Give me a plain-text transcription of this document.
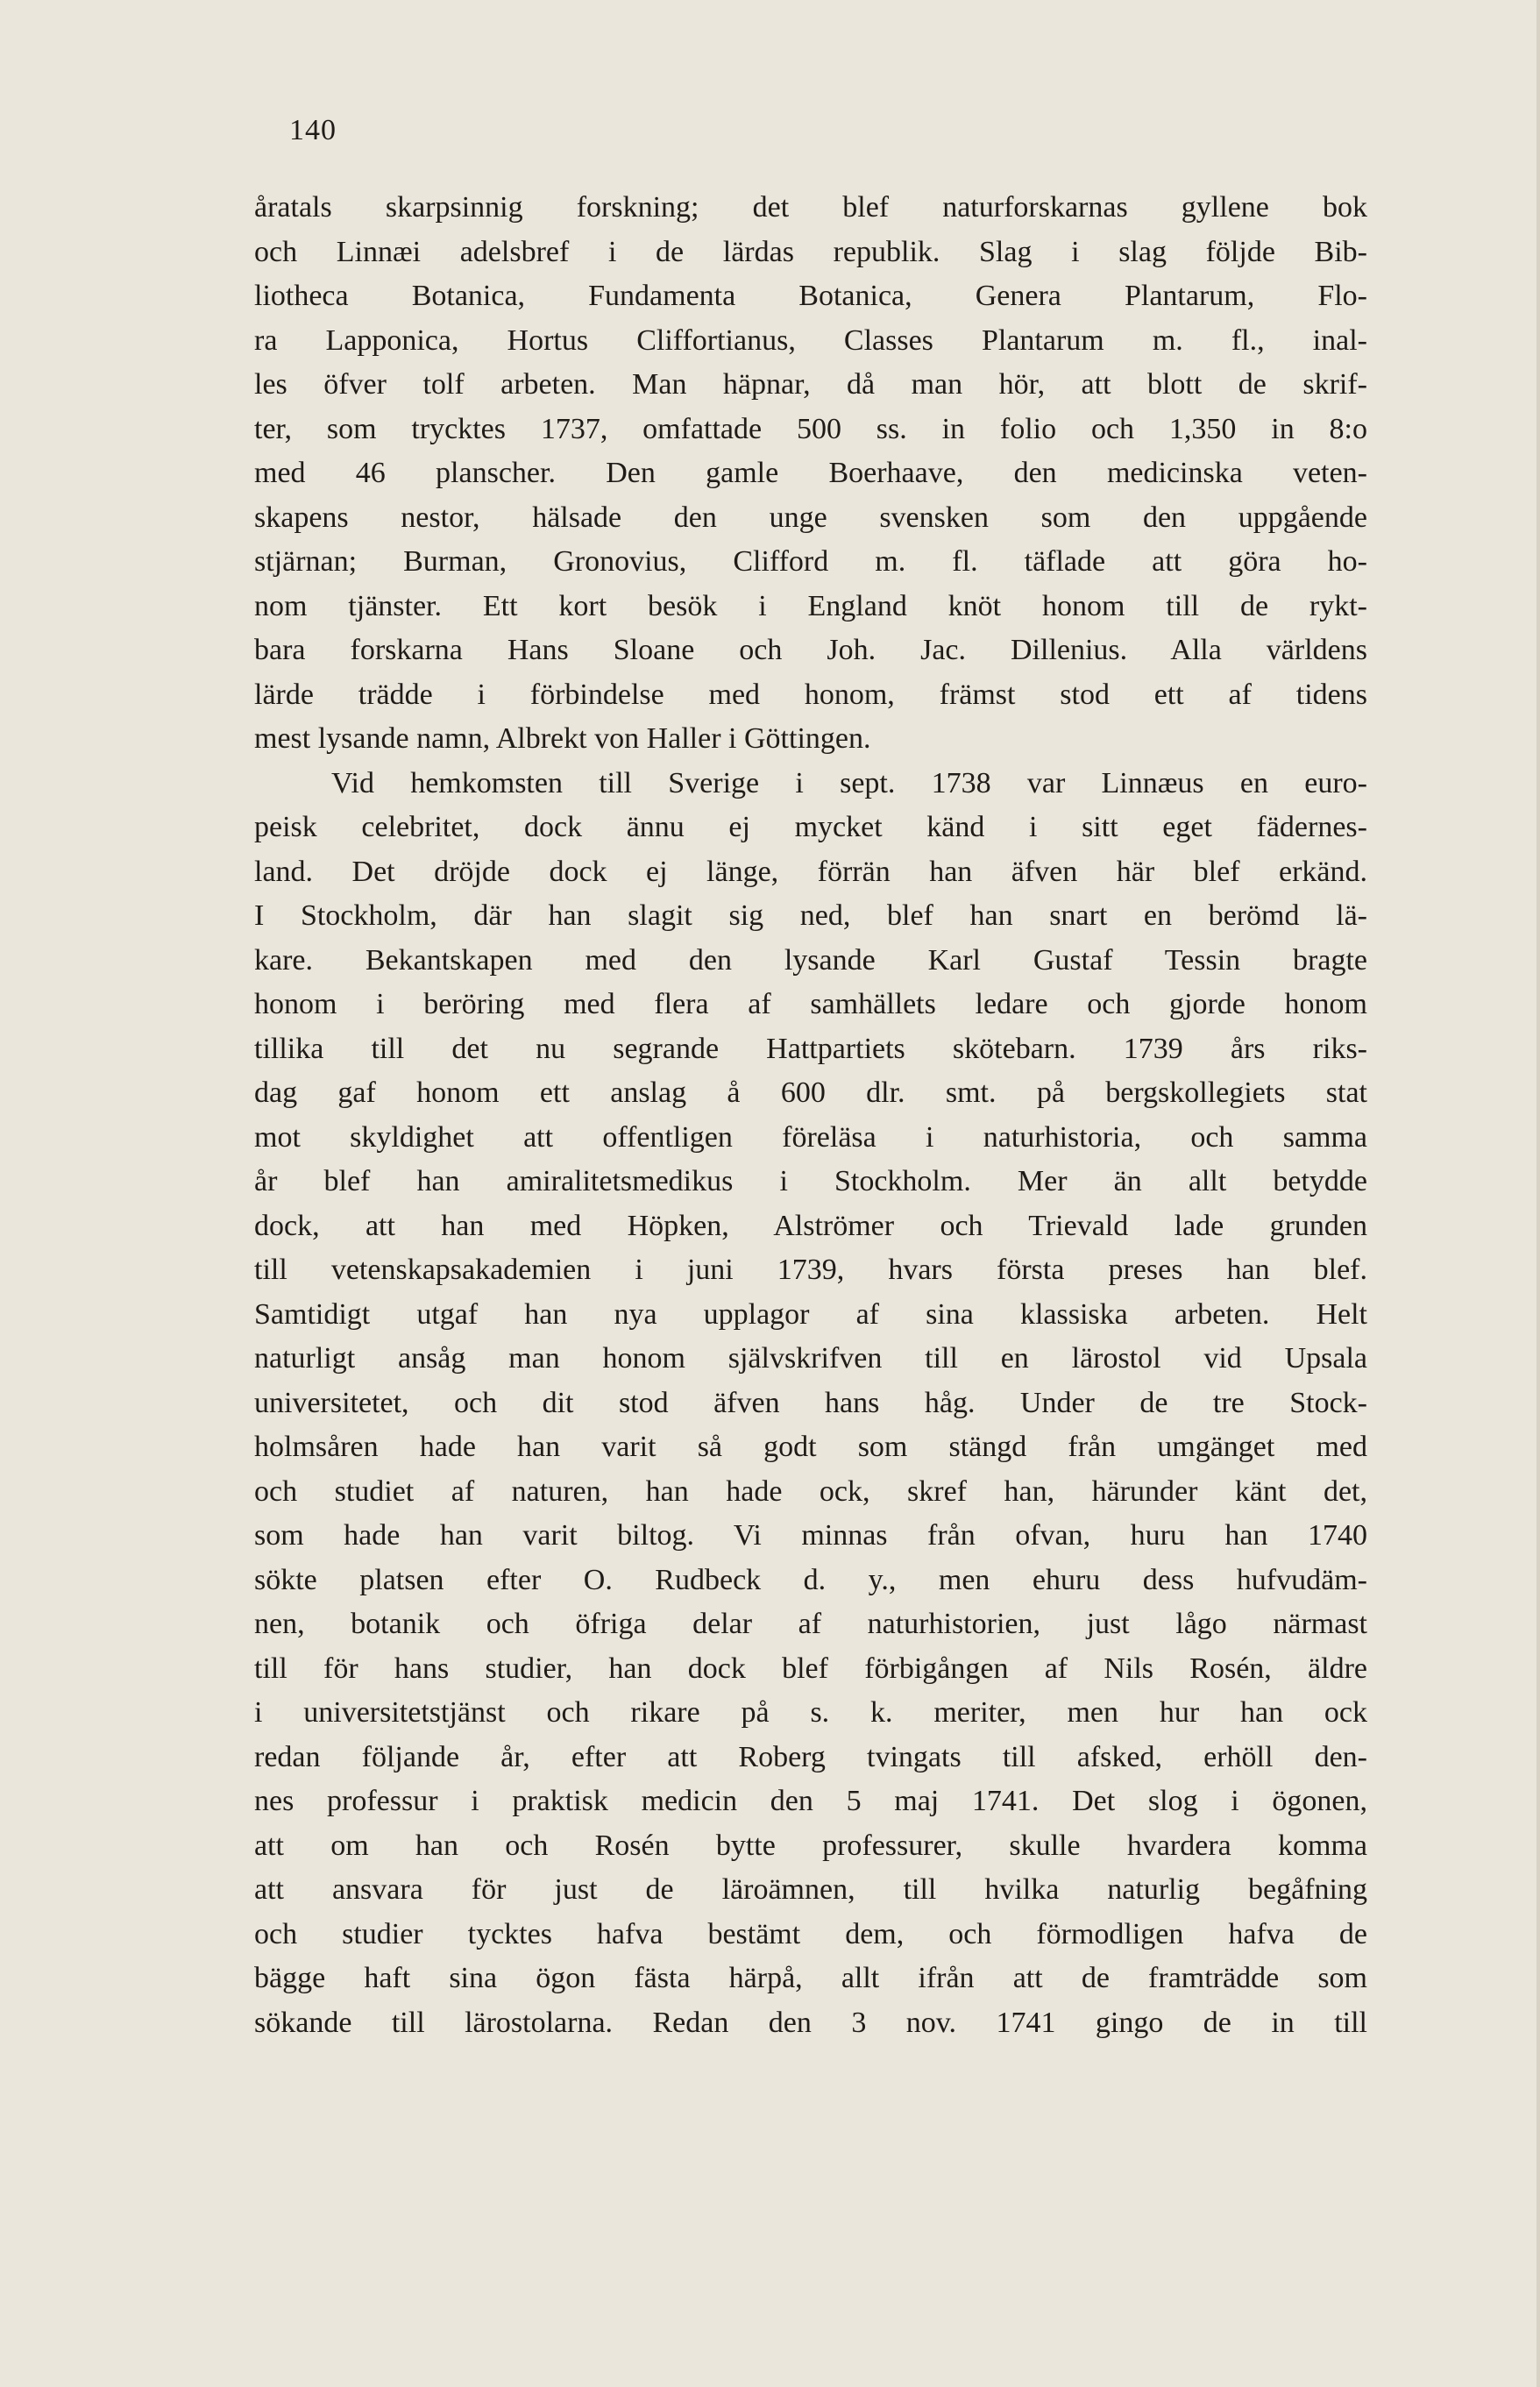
140
åratals skarpsinnig forskning; det blef naturforskarnas gyllene bok
och Linnæi adelsbref i de lärdas republik. Slag i slag följde Bib-
liotheca Botanica, Fundamenta Botanica, Genera Plantarum, Flo-
ra Lapponica, Hortus Cliffortianus, Classes Plantarum m. fl., inal-
les öfver tolf arbeten. Man häpnar, då man hör, att blott de skrif-
ter, som trycktes 1737, omfattade 500 ss. in folio och 1,350 in 8:o
med 46 planscher. Den gamle Boerhaave, den medicinska veten-
skapens nestor, hälsade den unge svensken som den uppgående
stjärnan; Burman, Gronovius, Clifford m. fl. täflade att göra ho-
nom tjänster. Ett kort besök i England knöt honom till de rykt-
bara forskarna Hans Sloane och Joh. Jac. Dillenius. Alla världens
lärde trädde i förbindelse med honom, främst stod ett af tidens
mest lysande namn, Albrekt von Haller i Göttingen.
Vid hemkomsten till Sverige i sept. 1738 var Linnæus en euro-
peisk celebritet, dock ännu ej mycket känd i sitt eget fädernes-
land. Det dröjde dock ej länge, förrän han äfven här blef erkänd.
I Stockholm, där han slagit sig ned, blef han snart en berömd lä-
kare. Bekantskapen med den lysande Karl Gustaf Tessin bragte
honom i beröring med flera af samhällets ledare och gjorde honom
tillika till det nu segrande Hattpartiets skötebarn. 1739 års riks-
dag gaf honom ett anslag å 600 dlr. smt. på bergskollegiets stat
mot skyldighet att offentligen föreläsa i naturhistoria, och samma
år blef han amiralitetsmedikus i Stockholm. Mer än allt betydde
dock, att han med Höpken, Alströmer och Trievald lade grunden
till vetenskapsakademien i juni 1739, hvars första preses han blef.
Samtidigt utgaf han nya upplagor af sina klassiska arbeten. Helt
naturligt ansåg man honom självskrifven till en lärostol vid Upsala
universitetet, och dit stod äfven hans håg. Under de tre Stock-
holmsåren hade han varit så godt som stängd från umgänget med
och studiet af naturen, han hade ock, skref han, härunder känt det,
som hade han varit biltog. Vi minnas från ofvan, huru han 1740
sökte platsen efter O. Rudbeck d. y., men ehuru dess hufvudäm-
nen, botanik och öfriga delar af naturhistorien, just lågo närmast
till för hans studier, han dock blef förbigången af Nils Rosén, äldre
i universitetstjänst och rikare på s. k. meriter, men hur han ock
redan följande år, efter att Roberg tvingats till afsked, erhöll den-
nes professur i praktisk medicin den 5 maj 1741. Det slog i ögonen,
att om han och Rosén bytte professurer, skulle hvardera komma
att ansvara för just de läroämnen, till hvilka naturlig begåfning
och studier tycktes hafva bestämt dem, och förmodligen hafva de
bägge haft sina ögon fästa härpå, allt ifrån att de framträdde som
sökande till lärostolarna. Redan den 3 nov. 1741 gingo de in till
